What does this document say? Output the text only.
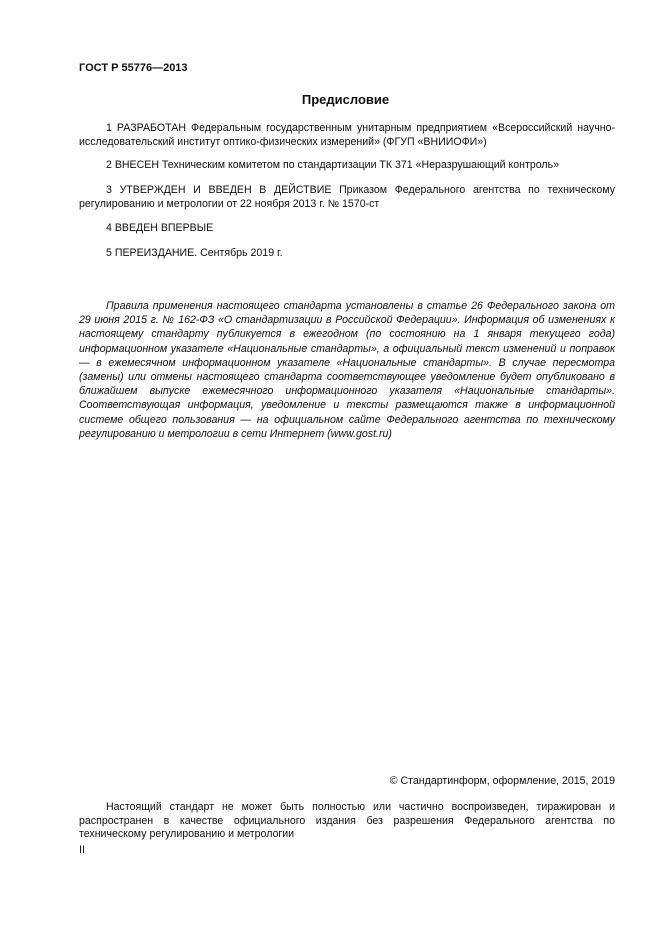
ГОСТ Р 55776—2013
Предисловие
1 РАЗРАБОТАН Федеральным государственным унитарным предприятием «Всероссийский научно-исследовательский институт оптико-физических измерений» (ФГУП «ВНИИОФИ»)
2 ВНЕСЕН Техническим комитетом по стандартизации ТК 371 «Неразрушающий контроль»
3 УТВЕРЖДЕН И ВВЕДЕН В ДЕЙСТВИЕ Приказом Федерального агентства по техническому регулированию и метрологии от 22 ноября 2013 г. № 1570-ст
4 ВВЕДЕН ВПЕРВЫЕ
5 ПЕРЕИЗДАНИЕ. Сентябрь 2019 г.
Правила применения настоящего стандарта установлены в статье 26 Федерального закона от 29 июня 2015 г. № 162-ФЗ «О стандартизации в Российской Федерации». Информация об изменениях к настоящему стандарту публикуется в ежегодном (по состоянию на 1 января текущего года) информационном указателе «Национальные стандарты», а официальный текст изменений и поправок — в ежемесячном информационном указателе «Национальные стандарты». В случае пересмотра (замены) или отмены настоящего стандарта соответствующее уведомление будет опубликовано в ближайшем выпуске ежемесячного информационного указателя «Национальные стандарты». Соответствующая информация, уведомление и тексты размещаются также в информационной системе общего пользования — на официальном сайте Федерального агентства по техническому регулированию и метрологии в сети Интернет (www.gost.ru)
© Стандартинформ, оформление, 2015, 2019
Настоящий стандарт не может быть полностью или частично воспроизведен, тиражирован и распространен в качестве официального издания без разрешения Федерального агентства по техническому регулированию и метрологии
II
